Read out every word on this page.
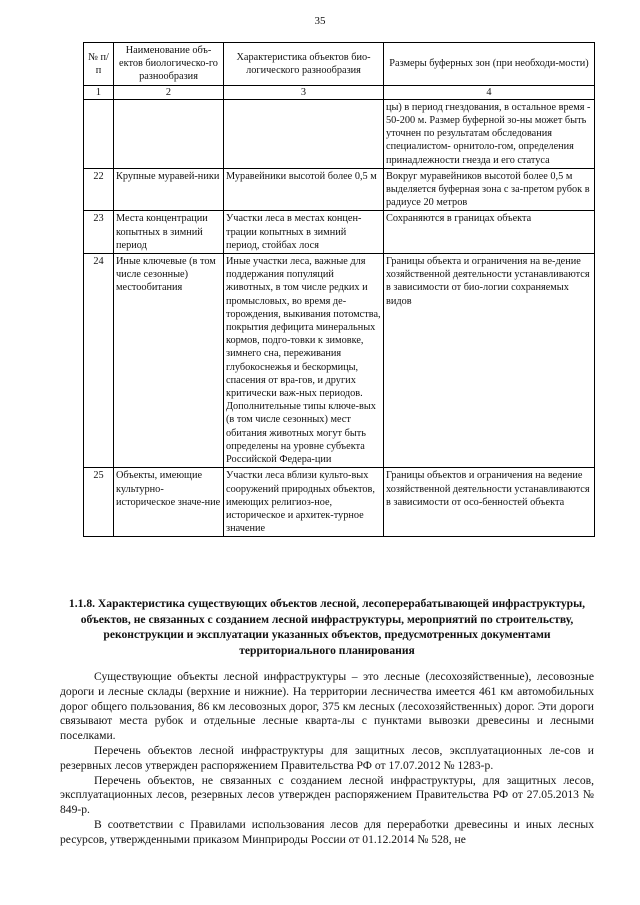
35
№ п/п	Наименование объ-ектов биологическо-го разнообразия	Характеристика объектов био-логического разнообразия	Размеры буферных зон (при необходи-мости)
1	2	3	4
			цы) в период гнездования, в остальное время - 50-200 м. Размер буферной зо-ны может быть уточнен по результатам обследования специалистом- орнитоло-гом, определения принадлежности гнезда и его статуса
22	Крупные муравей-ники	Муравейники высотой более 0,5 м	Вокруг муравейников высотой более 0,5 м выделяется буферная зона с за-претом рубок в радиусе 20 метров
23	Места концентрации копытных в зимний период	Участки леса в местах концен-трации копытных в зимний период, стойбах лося	Сохраняются в границах объекта
24	Иные ключевые (в том числе сезонные) местообитания	Иные участки леса, важные для поддержания популяций животных, в том числе редких и промысловых, во время де-торождения, выкивания потомства, покрытия дефицита минеральных кормов, подго-товки к зимовке, зимнего сна, переживания глубокоснежья и бескормицы, спасения от вра-гов, и других критически важ-ных периодов. Дополнительные типы ключе-вых (в том числе сезонных) мест обитания животных могут быть определены на уровне субъекта Российской Федера-ции	Границы объекта и ограничения на ве-дение хозяйственной деятельности устанавливаются в зависимости от био-логии сохраняемых видов
25	Объекты, имеющие культурно-историческое значе-ние	Участки леса вблизи культо-вых сооружений природных объектов, имеющих религиоз-ное, историческое и архитек-турное значение	Границы объектов и ограничения на ведение хозяйственной деятельности устанавливаются в зависимости от осо-бенностей объекта
1.1.8. Характеристика существующих объектов лесной, лесоперерабатывающей инфраструктуры, объектов, не связанных с созданием лесной инфраструктуры, мероприятий по строительству, реконструкции и эксплуатации указанных объектов, предусмотренных документами территориального планирования

Существующие объекты лесной инфраструктуры – это лесные (лесохозяйственные), лесовозные дороги и лесные склады (верхние и нижние). На территории лесничества имеется 461 км автомобильных дорог общего пользования, 86 км лесовозных дорог, 375 км лесных (лесохозяйственных) дорог. Эти дороги связывают места рубок и отдельные лесные кварта-лы с пунктами вывозки древесины и лесными поселками.

Перечень объектов лесной инфраструктуры для защитных лесов, эксплуатационных ле-сов и резервных лесов утвержден распоряжением Правительства РФ от 17.07.2012 № 1283-р.

Перечень объектов, не связанных с созданием лесной инфраструктуры, для защитных лесов, эксплуатационных лесов, резервных лесов утвержден распоряжением Правительства РФ от 27.05.2013 № 849-р.

В соответствии с Правилами использования лесов для переработки древесины и иных лесных ресурсов, утвержденными приказом Минприроды России от 01.12.2014 № 528, не
